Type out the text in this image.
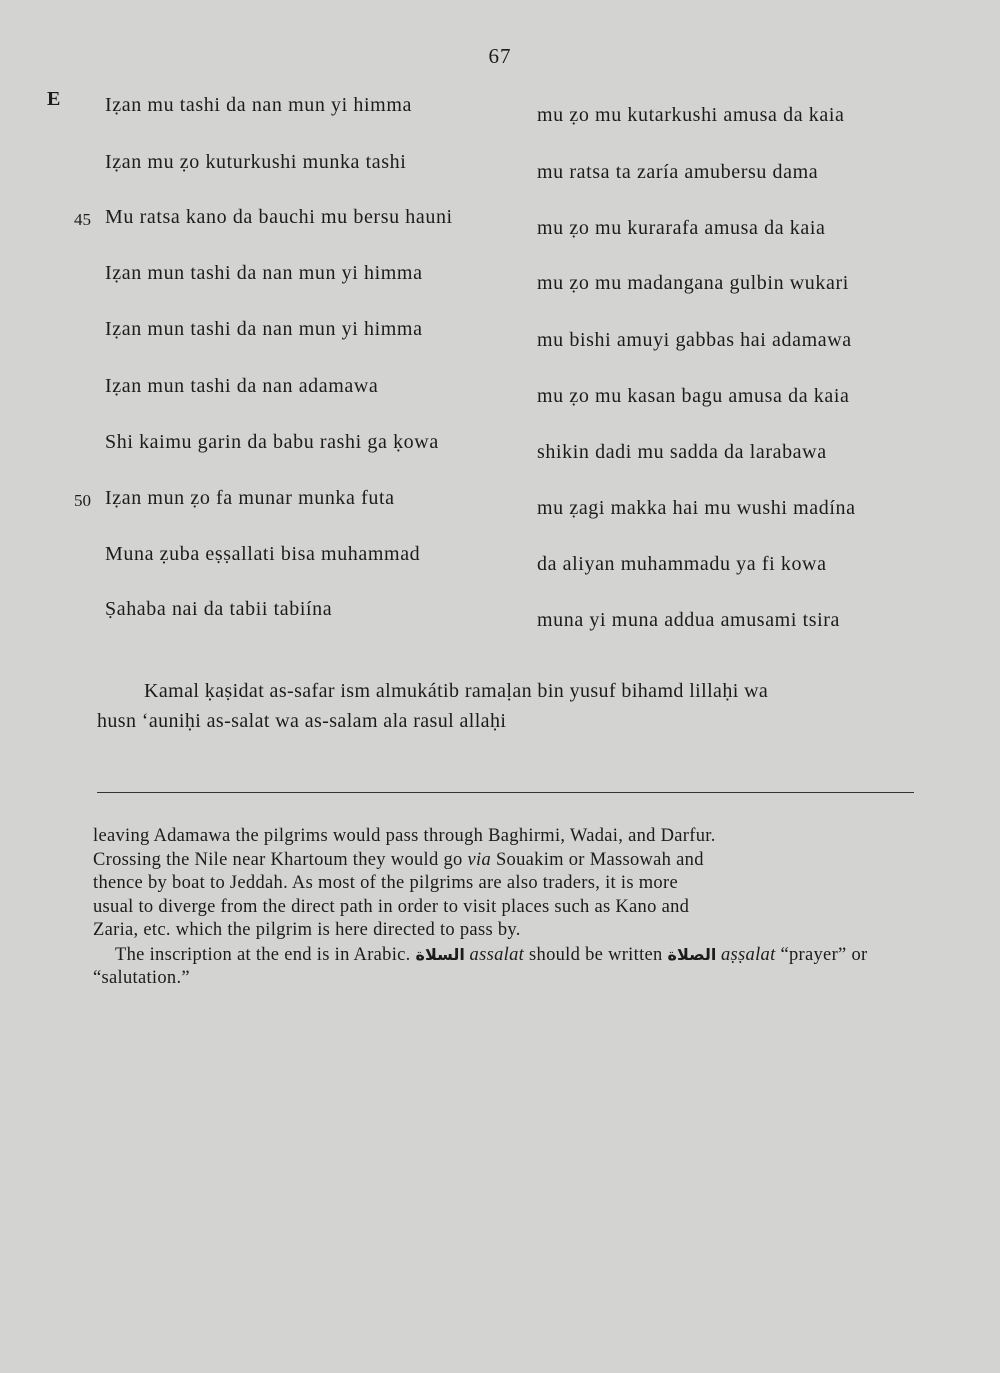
67
E
45
50
Iẓan mu tashi da nan mun yi himma	mu ẓo mu kutarkushi amusa da kaia
Iẓan mu ẓo kuturkushi munka tashi	mu ratsa ta zaría amubersu dama
Mu ratsa kano da bauchi mu bersu hauni	mu ẓo mu kurarafa amusa da kaia
Iẓan mun tashi da nan mun yi himma	mu ẓo mu madangana gulbin wukari
Iẓan mun tashi da nan mun yi himma	mu bishi amuyi gabbas hai adamawa
Iẓan mun tashi da nan adamawa	mu ẓo mu kasan bagu amusa da kaia
Shi kaimu garin da babu rashi ga ḳowa	shikin dadi mu sadda da larabawa
Iẓan mun ẓo fa munar munka futa	mu ẓagi makka hai mu wushi madína
Muna ẓuba eṣṣallati bisa muhammad	da aliyan muhammadu ya fi kowa
Ṣahaba nai da tabii tabiína	muna yi muna addua amusami tsira
Kamal ḳaṣidat as-safar ism almukátib ramaḷan bin yusuf bihamd lillaḥi wa
husn ‘auniḥi as-salat wa as-salam ala rasul allaḥi

leaving Adamawa the pilgrims would pass through Baghirmi, Wadai, and Darfur.
Crossing the Nile near Khartoum they would go via Souakim or Massowah and
thence by boat to Jeddah. As most of the pilgrims are also traders, it is more
usual to diverge from the direct path in order to visit places such as Kano and
Zaria, etc. which the pilgrim is here directed to pass by.

The inscription at the end is in Arabic. السلاة assalat should be written الصلاة aṣṣalat “prayer” or “salutation.”
